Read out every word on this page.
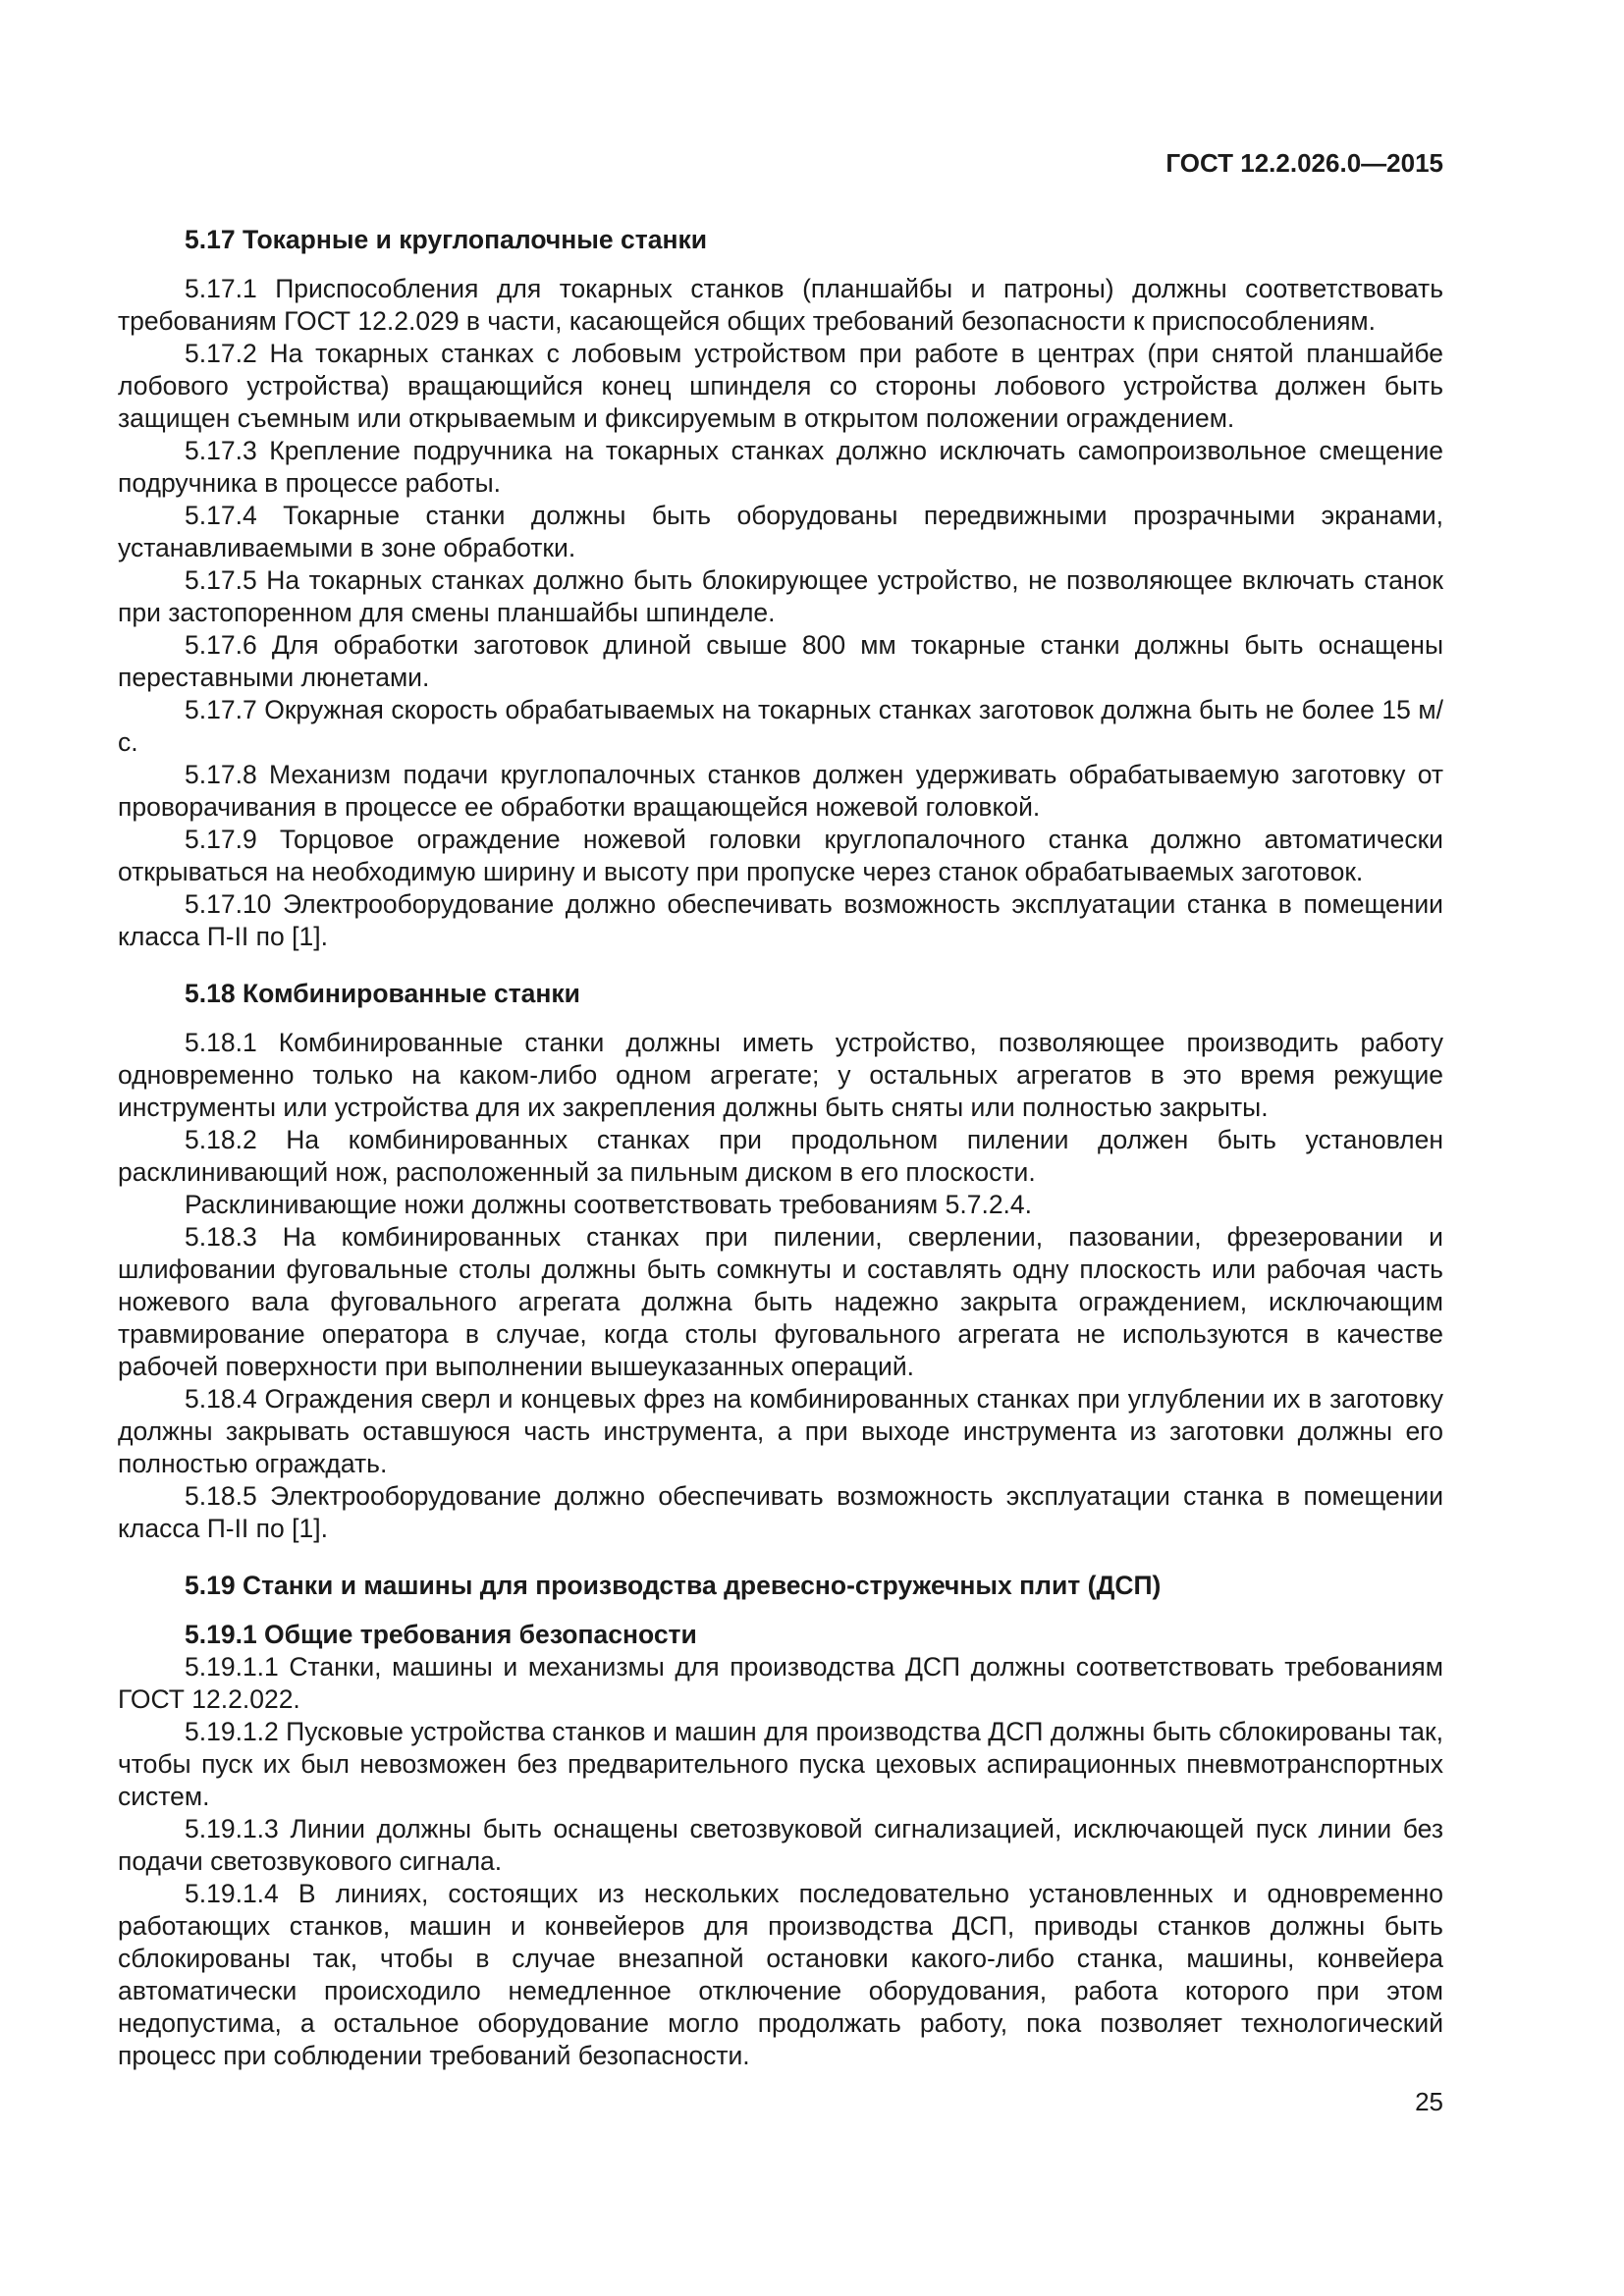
ГОСТ 12.2.026.0—2015
5.17 Токарные и круглопалочные станки

5.17.1 Приспособления для токарных станков (планшайбы и патроны) должны соответствовать требованиям ГОСТ 12.2.029 в части, касающейся общих требований безопасности к приспособлениям.

5.17.2 На токарных станках с лобовым устройством при работе в центрах (при снятой планшайбе лобового устройства) вращающийся конец шпинделя со стороны лобового устройства должен быть защищен съемным или открываемым и фиксируемым в открытом положении ограждением.

5.17.3 Крепление подручника на токарных станках должно исключать самопроизвольное смещение подручника в процессе работы.

5.17.4 Токарные станки должны быть оборудованы передвижными прозрачными экранами, устанавливаемыми в зоне обработки.

5.17.5 На токарных станках должно быть блокирующее устройство, не позволяющее включать станок при застопоренном для смены планшайбы шпинделе.

5.17.6 Для обработки заготовок длиной свыше 800 мм токарные станки должны быть оснащены переставными люнетами.

5.17.7 Окружная скорость обрабатываемых на токарных станках заготовок должна быть не более 15 м/с.

5.17.8 Механизм подачи круглопалочных станков должен удерживать обрабатываемую заготовку от проворачивания в процессе ее обработки вращающейся ножевой головкой.

5.17.9 Торцовое ограждение ножевой головки круглопалочного станка должно автоматически открываться на необходимую ширину и высоту при пропуске через станок обрабатываемых заготовок.

5.17.10 Электрооборудование должно обеспечивать возможность эксплуатации станка в помещении класса П-II по [1].

5.18 Комбинированные станки

5.18.1 Комбинированные станки должны иметь устройство, позволяющее производить работу одновременно только на каком-либо одном агрегате; у остальных агрегатов в это время режущие инструменты или устройства для их закрепления должны быть сняты или полностью закрыты.

5.18.2 На комбинированных станках при продольном пилении должен быть установлен расклинивающий нож, расположенный за пильным диском в его плоскости.

Расклинивающие ножи должны соответствовать требованиям 5.7.2.4.

5.18.3 На комбинированных станках при пилении, сверлении, пазовании, фрезеровании и шлифовании фуговальные столы должны быть сомкнуты и составлять одну плоскость или рабочая часть ножевого вала фуговального агрегата должна быть надежно закрыта ограждением, исключающим травмирование оператора в случае, когда столы фуговального агрегата не используются в качестве рабочей поверхности при выполнении вышеуказанных операций.

5.18.4 Ограждения сверл и концевых фрез на комбинированных станках при углублении их в заготовку должны закрывать оставшуюся часть инструмента, а при выходе инструмента из заготовки должны его полностью ограждать.

5.18.5 Электрооборудование должно обеспечивать возможность эксплуатации станка в помещении класса П-II по [1].

5.19 Станки и машины для производства древесно-стружечных плит (ДСП)
5.19.1 Общие требования безопасности

5.19.1.1 Станки, машины и механизмы для производства ДСП должны соответствовать требованиям ГОСТ 12.2.022.

5.19.1.2 Пусковые устройства станков и машин для производства ДСП должны быть сблокированы так, чтобы пуск их был невозможен без предварительного пуска цеховых аспирационных пневмотранспортных систем.

5.19.1.3 Линии должны быть оснащены светозвуковой сигнализацией, исключающей пуск линии без подачи светозвукового сигнала.

5.19.1.4 В линиях, состоящих из нескольких последовательно установленных и одновременно работающих станков, машин и конвейеров для производства ДСП, приводы станков должны быть сблокированы так, чтобы в случае внезапной остановки какого-либо станка, машины, конвейера автоматически происходило немедленное отключение оборудования, работа которого при этом недопустима, а остальное оборудование могло продолжать работу, пока позволяет технологический процесс при соблюдении требований безопасности.

25
